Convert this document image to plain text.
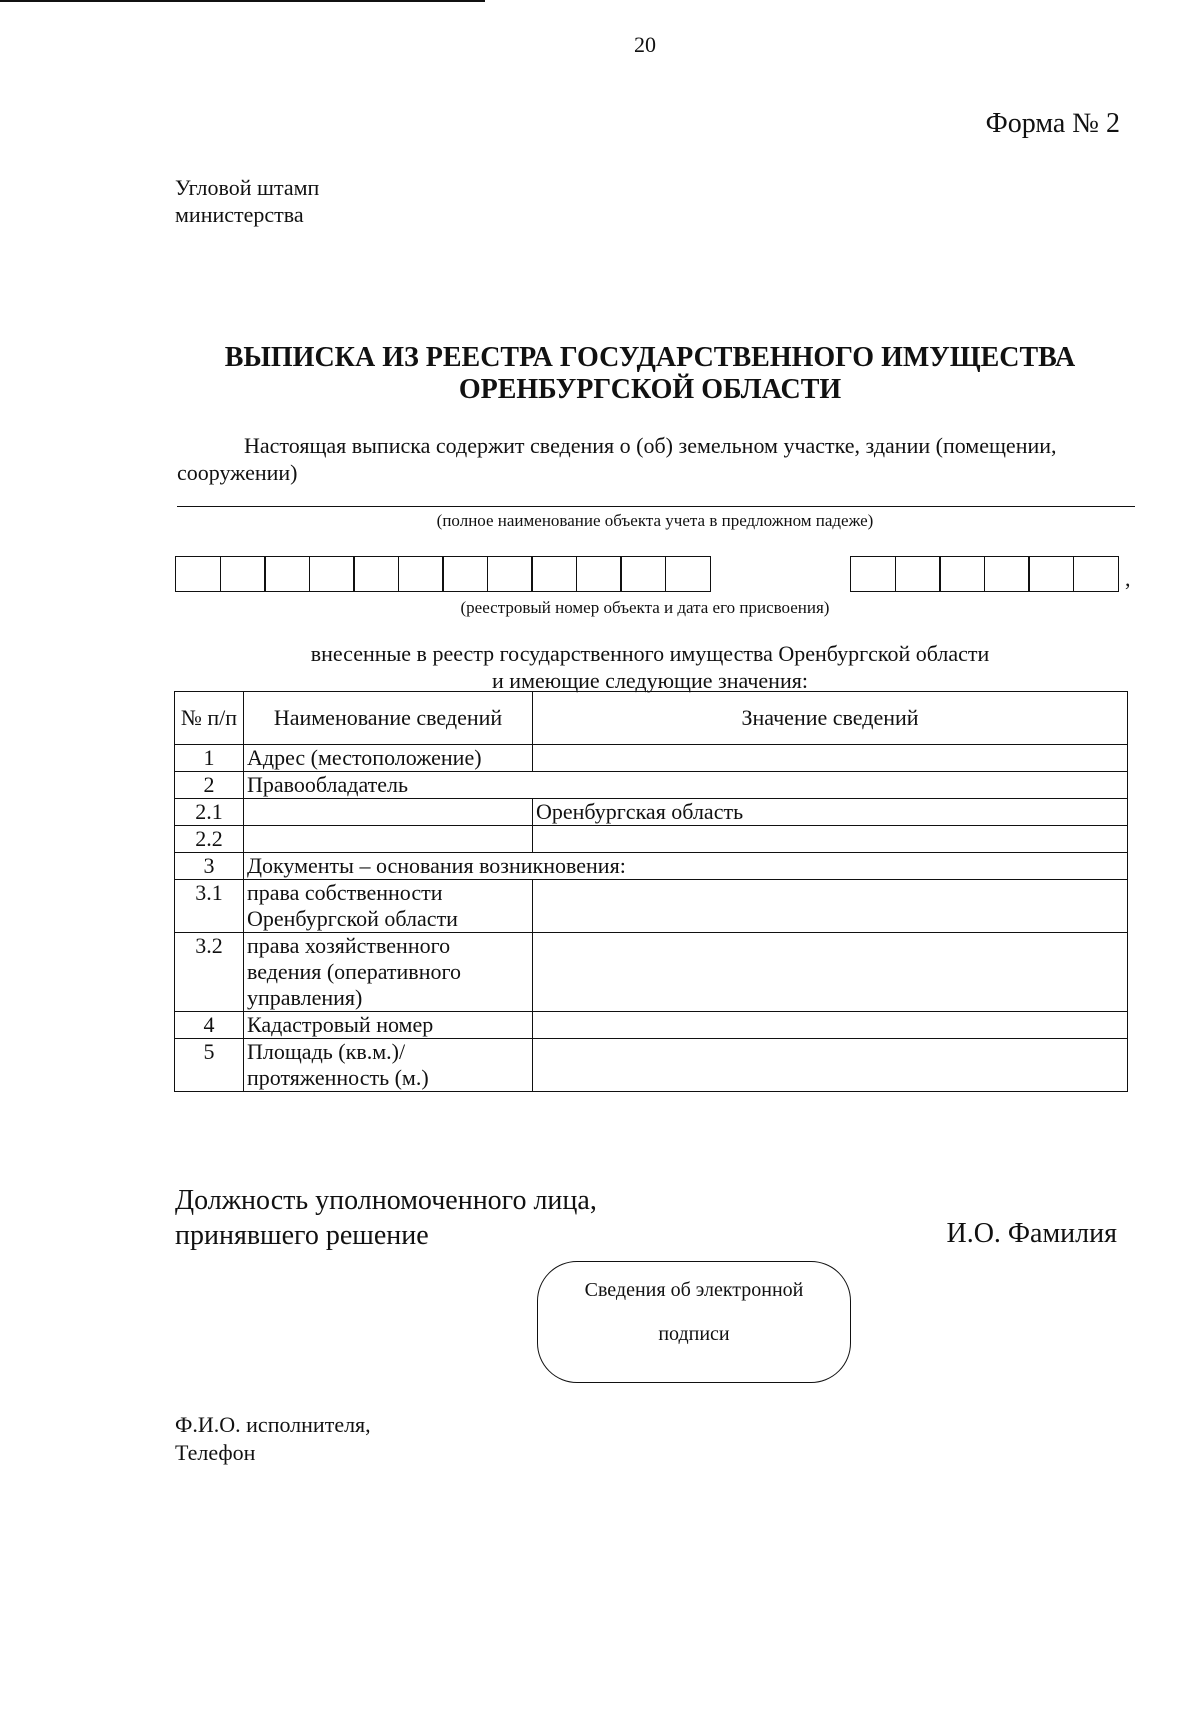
20
Форма № 2
Угловой штамп
министерства
ВЫПИСКА ИЗ РЕЕСТРА ГОСУДАРСТВЕННОГО ИМУЩЕСТВА
ОРЕНБУРГСКОЙ ОБЛАСТИ
Настоящая выписка содержит сведения о (об) земельном участке, здании (помещении, сооружении)
(полное наименование объекта учета в предложном падеже)
,
(реестровый номер объекта и дата его присвоения)
внесенные в реестр государственного имущества Оренбургской области
и имеющие следующие значения:
№ п/п	Наименование сведений	Значение сведений
1	Адрес (местоположение)	
2	Правообладатель	
2.1		Оренбургская область
2.2		
3	Документы – основания возникновения:	
3.1	права собственности Оренбургской области	
3.2	права хозяйственного ведения (оперативного управления)	
4	Кадастровый номер	
5	Площадь (кв.м.)/ протяженность (м.)	
Должность уполномоченного лица,
принявшего решение	И.О. Фамилия
Сведения об электронной
подписи
Ф.И.О. исполнителя,
Телефон
